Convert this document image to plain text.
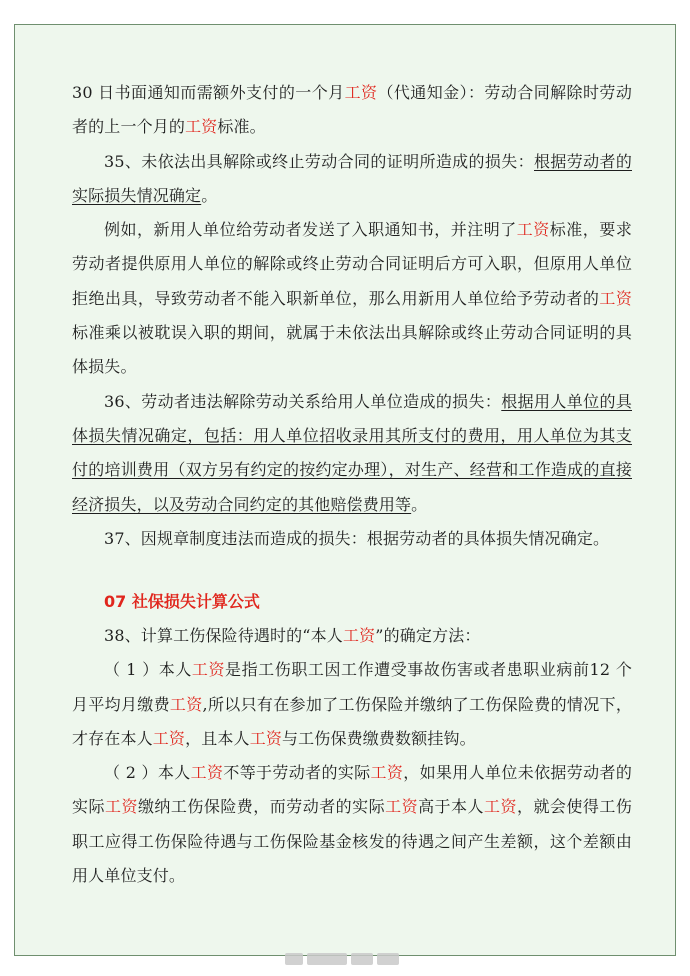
30 日书面通知而需额外支付的一个月工资（代通知金）：劳动合同解除时劳动者的上一个月的工资标准。

35、未依法出具解除或终止劳动合同的证明所造成的损失：根据劳动者的实际损失情况确定。

例如，新用人单位给劳动者发送了入职通知书，并注明了工资标准，要求劳动者提供原用人单位的解除或终止劳动合同证明后方可入职，但原用人单位拒绝出具，导致劳动者不能入职新单位，那么用新用人单位给予劳动者的工资标准乘以被耽误入职的期间，就属于未依法出具解除或终止劳动合同证明的具体损失。

36、劳动者违法解除劳动关系给用人单位造成的损失：根据用人单位的具体损失情况确定，包括：用人单位招收录用其所支付的费用，用人单位为其支付的培训费用（双方另有约定的按约定办理），对生产、经营和工作造成的直接经济损失，以及劳动合同约定的其他赔偿费用等。

37、因规章制度违法而造成的损失：根据劳动者的具体损失情况确定。

07 社保损失计算公式

38、计算工伤保险待遇时的“本人工资”的确定方法：

（ 1 ）本人工资是指工伤职工因工作遭受事故伤害或者患职业病前12 个月平均月缴费工资,所以只有在参加了工伤保险并缴纳了工伤保险费的情况下，才存在本人工资，且本人工资与工伤保费缴费数额挂钩。

（ 2 ）本人工资不等于劳动者的实际工资，如果用人单位未依据劳动者的实际工资缴纳工伤保险费，而劳动者的实际工资高于本人工资，就会使得工伤职工应得工伤保险待遇与工伤保险基金核发的待遇之间产生差额，这个差额由用人单位支付。
